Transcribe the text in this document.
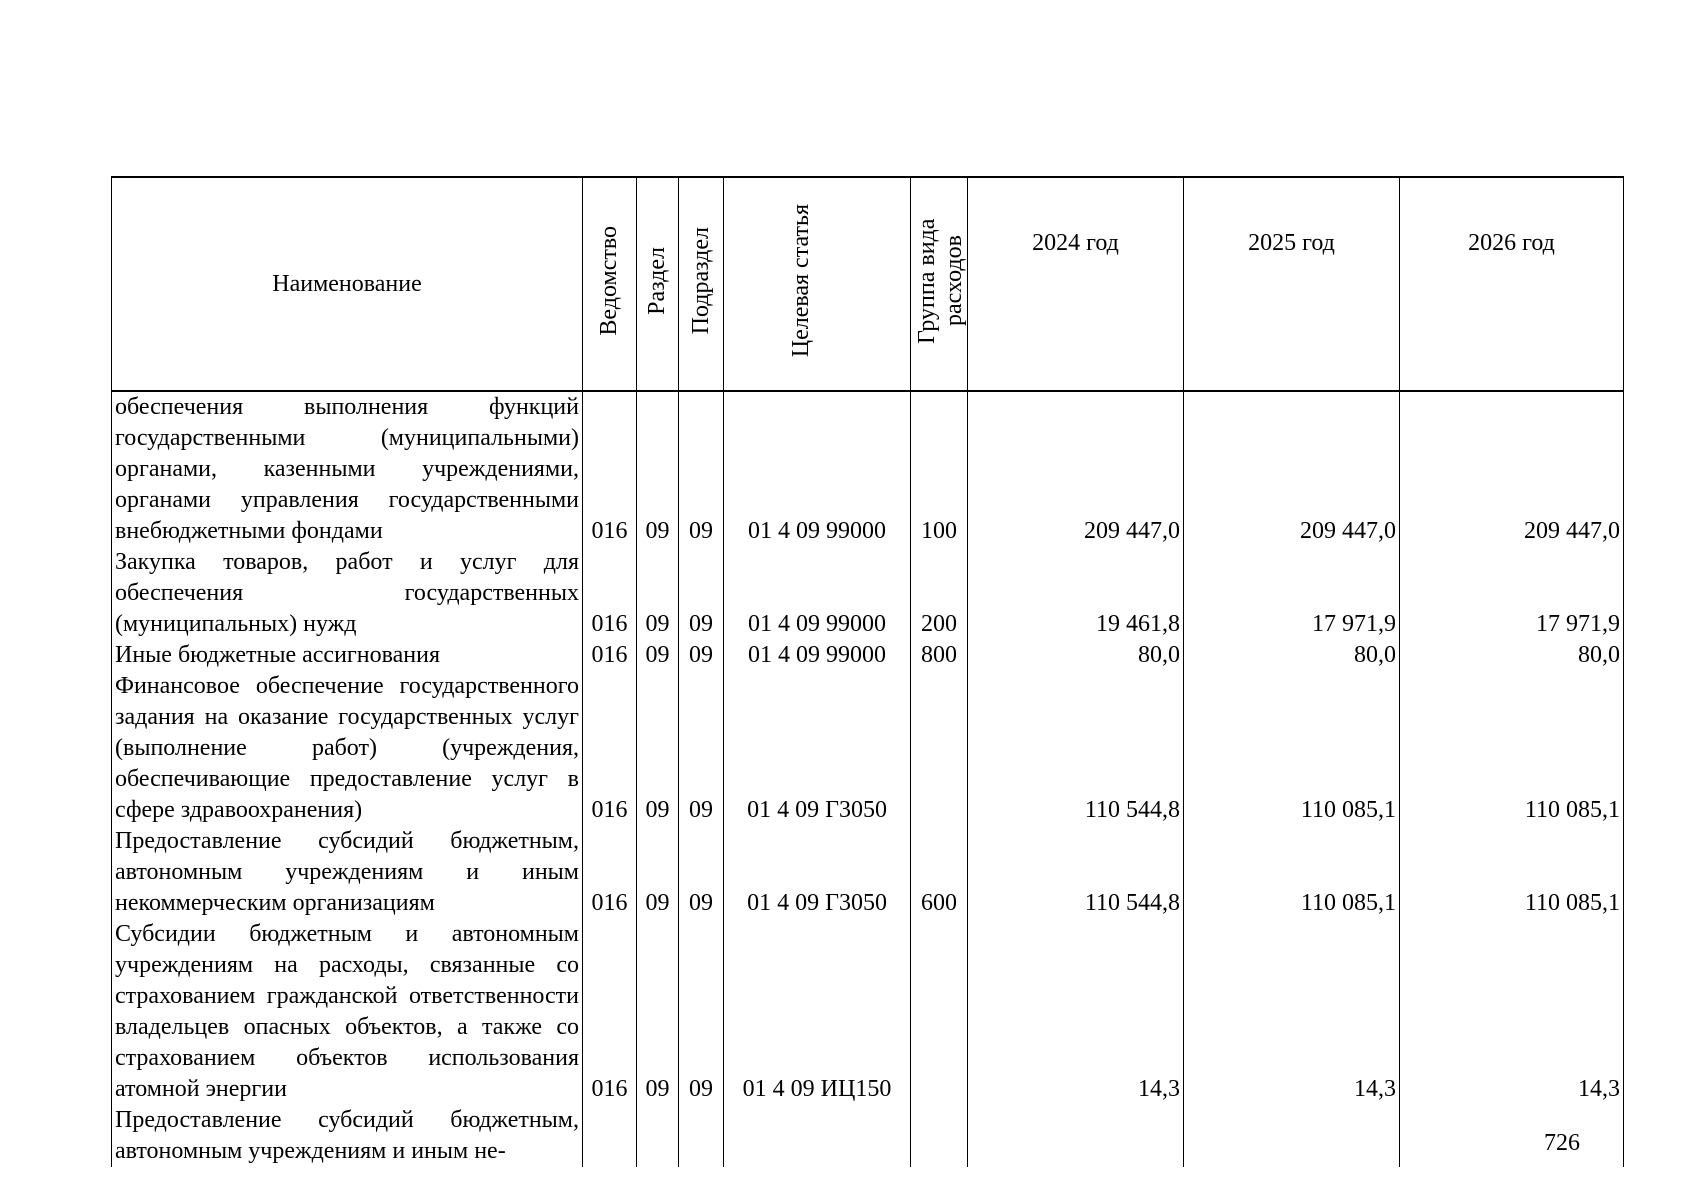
Наименование	Ведомство	Раздел	Подраздел	Целевая статья	Группа вида расходов	2024 год	2025 год	2026 год
обеспечения выполнения функций государственными (муниципальными) органами, казенными учреждениями, органами управления государственными внебюджетными фондами	016	09	09	01 4 09 99000	100	209 447,0	209 447,0	209 447,0
Закупка товаров, работ и услуг для обеспечения государственных (муниципальных) нужд	016	09	09	01 4 09 99000	200	19 461,8	17 971,9	17 971,9
Иные бюджетные ассигнования	016	09	09	01 4 09 99000	800	80,0	80,0	80,0
Финансовое обеспечение государственного задания на оказание государственных услуг (выполнение работ) (учреждения, обеспечивающие предоставление услуг в сфере здравоохранения)	016	09	09	01 4 09 Г3050		110 544,8	110 085,1	110 085,1
Предоставление субсидий бюджетным, автономным учреждениям и иным некоммерческим организациям	016	09	09	01 4 09 Г3050	600	110 544,8	110 085,1	110 085,1
Субсидии бюджетным и автономным учреждениям на расходы, связанные со страхованием гражданской ответственности владельцев опасных объектов, а также со страхованием объектов использования атомной энергии	016	09	09	01 4 09 ИЦ150		14,3	14,3	14,3
Предоставление субсидий бюджетным, автономным учреждениям и иным не-									726
